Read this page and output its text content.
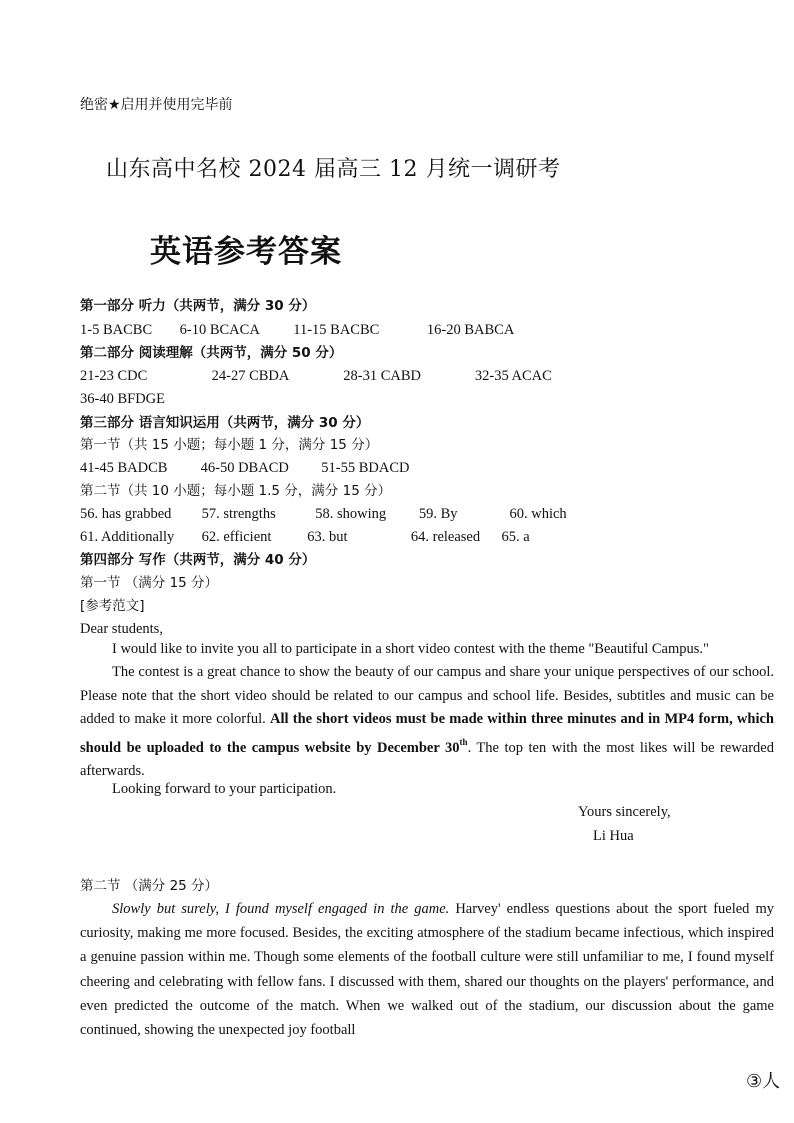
绝密★启用并使用完毕前
山东高中名校 2024 届高三 12 月统一调研考
英语参考答案
第一部分 听力（共两节，满分 30 分）
1-5 BACBC 6-10 BCACA 11-15 BACBC	16-20 BABCA
第二部分 阅读理解（共两节，满分 50 分）
21-23 CDC	24-27 CBDA	28-31 CABD	32-35 ACAC
36-40 BFDGE
第三部分 语言知识运用（共两节，满分 30 分）
第一节（共 15 小题；每小题 1 分，满分 15 分）
41-45 BADCB 46-50 DBACD 51-55 BDACD
第二节（共 10 小题；每小题 1.5 分，满分 15 分）
56. has grabbed 57. strengths	58. showing 59. By	60. which
61. Additionally 62. efficient 63. but	64. released 65. a
第四部分 写作（共两节，满分 40 分）
第一节 （满分 15 分）
[参考范文]
Dear students,
I would like to invite you all to participate in a short video contest with the theme "Beautiful Campus."
The contest is a great chance to show the beauty of our campus and share your unique perspectives of our school. Please note that the short video should be related to our campus and school life. Besides, subtitles and music can be added to make it more colorful. All the short videos must be made within three minutes and in MP4 form, which should be uploaded to the campus website by December 30th. The top ten with the most likes will be rewarded afterwards.
Looking forward to your participation.
Yours sincerely,
Li Hua
第二节 （满分 25 分）
Slowly but surely, I found myself engaged in the game. Harvey' endless questions about the sport fueled my curiosity, making me more focused. Besides, the exciting atmosphere of the stadium became infectious, which inspired a genuine passion within me. Though some elements of the football culture were still unfamiliar to me, I found myself cheering and celebrating with fellow fans. I discussed with them, shared our thoughts on the players' performance, and even predicted the outcome of the match. When we walked out of the stadium, our discussion about the game continued, showing the unexpected joy football
③人
